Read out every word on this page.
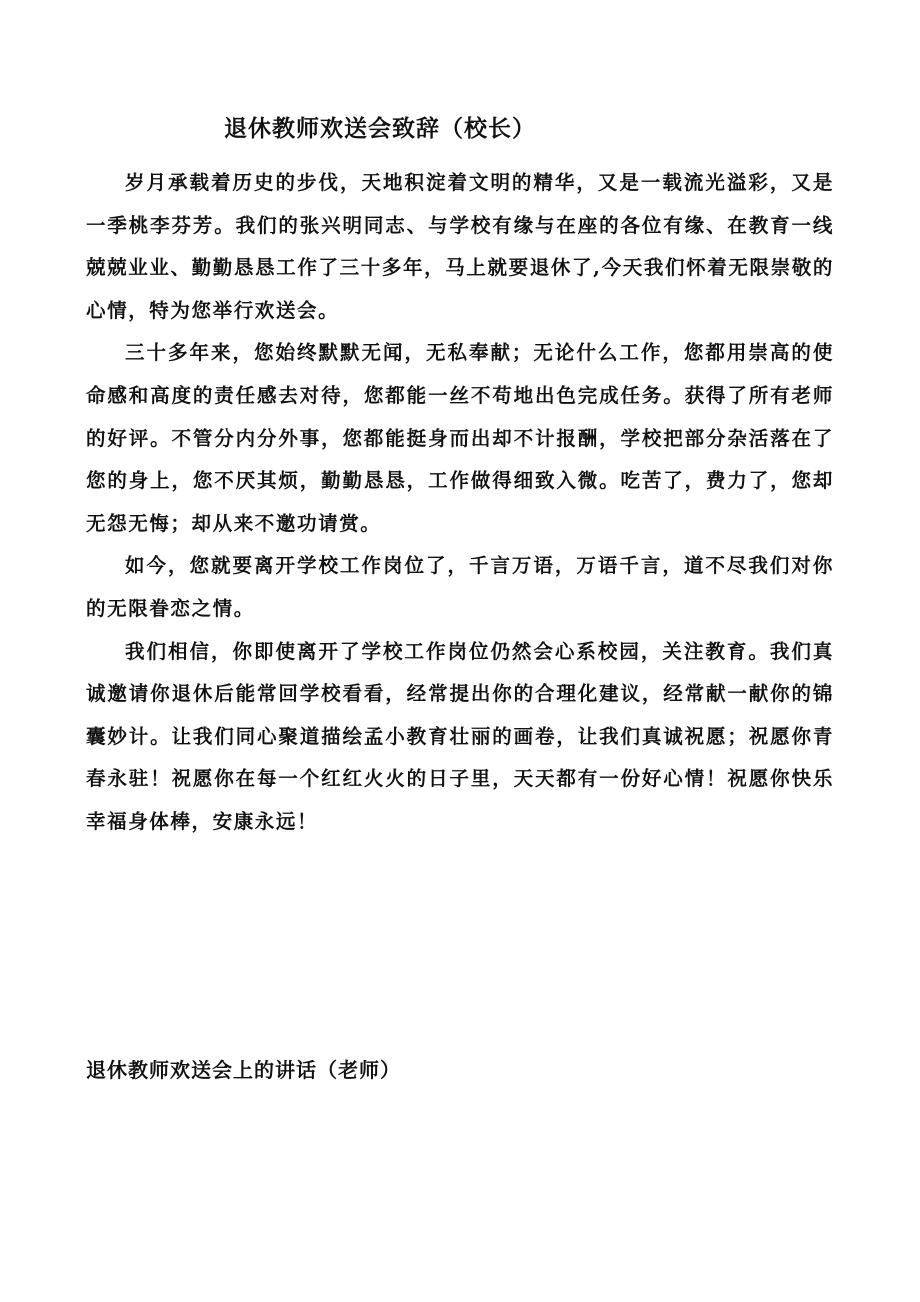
退休教师欢送会致辞（校长）

岁月承载着历史的步伐，天地积淀着文明的精华，又是一载流光溢彩，又是一季桃李芬芳。我们的张兴明同志、与学校有缘与在座的各位有缘、在教育一线兢兢业业、勤勤恳恳工作了三十多年，马上就要退休了,今天我们怀着无限崇敬的心情，特为您举行欢送会。

三十多年来，您始终默默无闻，无私奉献；无论什么工作，您都用崇高的使命感和高度的责任感去对待，您都能一丝不苟地出色完成任务。获得了所有老师的好评。不管分内分外事，您都能挺身而出却不计报酬，学校把部分杂活落在了您的身上，您不厌其烦，勤勤恳恳，工作做得细致入微。吃苦了，费力了，您却无怨无悔；却从来不邀功请赏。

如今，您就要离开学校工作岗位了，千言万语，万语千言，道不尽我们对你的无限眷恋之情。

我们相信，你即使离开了学校工作岗位仍然会心系校园，关注教育。我们真诚邀请你退休后能常回学校看看，经常提出你的合理化建议，经常献一献你的锦囊妙计。让我们同心聚道描绘孟小教育壮丽的画卷，让我们真诚祝愿；祝愿你青春永驻！祝愿你在每一个红红火火的日子里，天天都有一份好心情！祝愿你快乐幸福身体棒，安康永远！

zixin.com.cn
退休教师欢送会上的讲话（老师）
